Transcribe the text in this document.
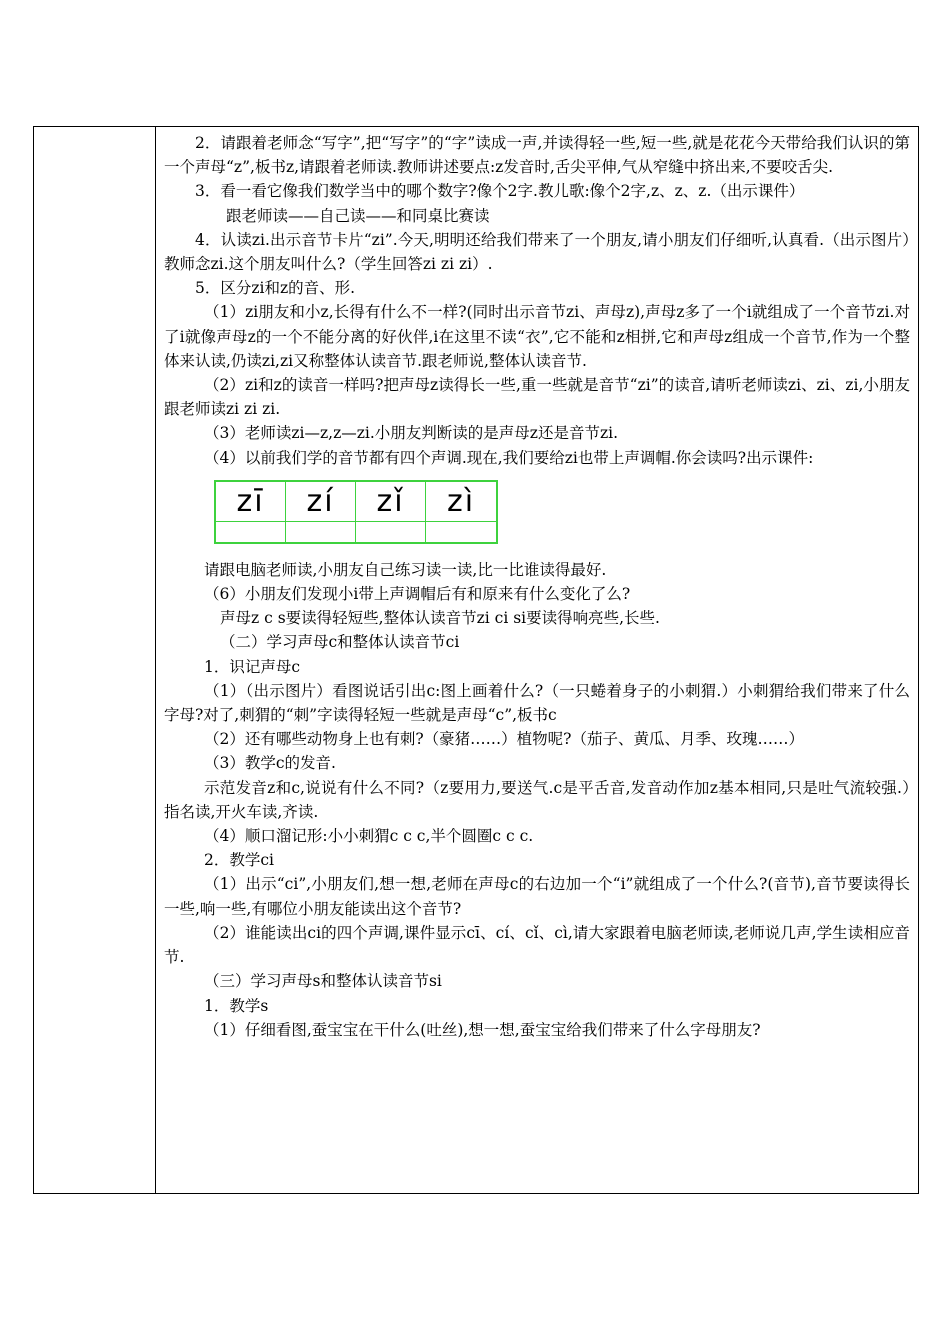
2．请跟着老师念“写字”,把“写字”的“字”读成一声,并读得轻一些,短一些,就是花花今天带给我们认识的第一个声母“z”,板书z,请跟着老师读.教师讲述要点:z发音时,舌尖平伸,气从窄缝中挤出来,不要咬舌尖.

3．看一看它像我们数学当中的哪个数字?像个2字.教儿歌:像个2字,z、z、z.（出示课件）

跟老师读——自己读——和同桌比赛读

4．认读zi.出示音节卡片“zi”.今天,明明还给我们带来了一个朋友,请小朋友们仔细听,认真看.（出示图片）教师念zi.这个朋友叫什么?（学生回答zi zi zi）.

5．区分zi和z的音、形.

（1）zi朋友和小z,长得有什么不一样?(同时出示音节zi、声母z),声母z多了一个i就组成了一个音节zi.对了i就像声母z的一个不能分离的好伙伴,i在这里不读“衣”,它不能和z相拼,它和声母z组成一个音节,作为一个整体来认读,仍读zi,zi又称整体认读音节.跟老师说,整体认读音节.

（2）zi和z的读音一样吗?把声母z读得长一些,重一些就是音节“zi”的读音,请听老师读zi、zi、zi,小朋友跟老师读zi zi zi.

（3）老师读zi—z,z—zi.小朋友判断读的是声母z还是音节zi.

（4）以前我们学的音节都有四个声调.现在,我们要给zi也带上声调帽.你会读吗?出示课件:

zī	zí	zǐ	zì

请跟电脑老师读,小朋友自己练习读一读,比一比谁读得最好.

（6）小朋友们发现小i带上声调帽后有和原来有什么变化了么?

声母z c s要读得轻短些,整体认读音节zi ci si要读得响亮些,长些.

（二）学习声母c和整体认读音节ci

1．识记声母c

（1）（出示图片）看图说话引出c:图上画着什么?（一只蜷着身子的小刺猬.）小刺猬给我们带来了什么字母?对了,刺猬的“刺”字读得轻短一些就是声母“c”,板书c

（2）还有哪些动物身上也有刺?（豪猪……）植物呢?（茄子、黄瓜、月季、玫瑰……）

（3）教学c的发音.

示范发音z和c,说说有什么不同?（z要用力,要送气.c是平舌音,发音动作加z基本相同,只是吐气流较强.）　指名读,开火车读,齐读.

（4）顺口溜记形:小小刺猬c c c,半个圆圈c c c.

2．教学ci

（1）出示“ci”,小朋友们,想一想,老师在声母c的右边加一个“i”就组成了一个什么?(音节),音节要读得长一些,响一些,有哪位小朋友能读出这个音节?

（2）谁能读出ci的四个声调,课件显示cī、cí、cǐ、cì,请大家跟着电脑老师读,老师说几声,学生读相应音节.

（三）学习声母s和整体认读音节si

1．教学s

（1）仔细看图,蚕宝宝在干什么(吐丝),想一想,蚕宝宝给我们带来了什么字母朋友?
